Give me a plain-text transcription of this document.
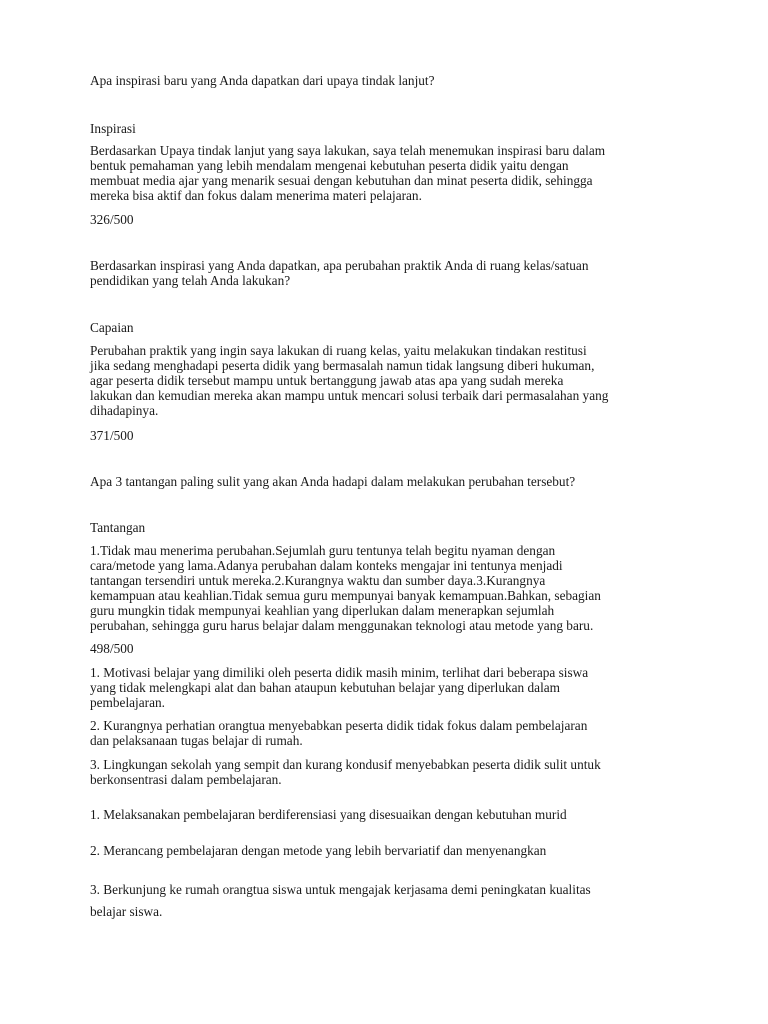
Apa inspirasi baru yang Anda dapatkan dari upaya tindak lanjut?

Inspirasi

Berdasarkan Upaya tindak lanjut yang saya lakukan, saya telah menemukan inspirasi baru dalam
bentuk pemahaman yang lebih mendalam mengenai kebutuhan peserta didik yaitu dengan
membuat media ajar yang menarik sesuai dengan kebutuhan dan minat peserta didik, sehingga
mereka bisa aktif dan fokus dalam menerima materi pelajaran.

326/500

Berdasarkan inspirasi yang Anda dapatkan, apa perubahan praktik Anda di ruang kelas/satuan
pendidikan yang telah Anda lakukan?

Capaian

Perubahan praktik yang ingin saya lakukan di ruang kelas, yaitu melakukan tindakan restitusi
jika sedang menghadapi peserta didik yang bermasalah namun tidak langsung diberi hukuman,
agar peserta didik tersebut mampu untuk bertanggung jawab atas apa yang sudah mereka
lakukan dan kemudian mereka akan mampu untuk mencari solusi terbaik dari permasalahan yang
dihadapinya.

371/500

Apa 3 tantangan paling sulit yang akan Anda hadapi dalam melakukan perubahan tersebut?

Tantangan

1.Tidak mau menerima perubahan.Sejumlah guru tentunya telah begitu nyaman dengan
cara/metode yang lama.Adanya perubahan dalam konteks mengajar ini tentunya menjadi
tantangan tersendiri untuk mereka.2.Kurangnya waktu dan sumber daya.3.Kurangnya
kemampuan atau keahlian.Tidak semua guru mempunyai banyak kemampuan.Bahkan, sebagian
guru mungkin tidak mempunyai keahlian yang diperlukan dalam menerapkan sejumlah
perubahan, sehingga guru harus belajar dalam menggunakan teknologi atau metode yang baru.

498/500

1. Motivasi belajar yang dimiliki oleh peserta didik masih minim, terlihat dari beberapa siswa
yang tidak melengkapi alat dan bahan ataupun kebutuhan belajar yang diperlukan dalam
pembelajaran.

2. Kurangnya perhatian orangtua menyebabkan peserta didik tidak fokus dalam pembelajaran
dan pelaksanaan tugas belajar di rumah.

3. Lingkungan sekolah yang sempit dan kurang kondusif menyebabkan peserta didik sulit untuk
berkonsentrasi dalam pembelajaran.

1. Melaksanakan pembelajaran berdiferensiasi yang disesuaikan dengan kebutuhan murid

2. Merancang pembelajaran dengan metode yang lebih bervariatif dan menyenangkan

3. Berkunjung ke rumah orangtua siswa untuk mengajak kerjasama demi peningkatan kualitas
belajar siswa.
